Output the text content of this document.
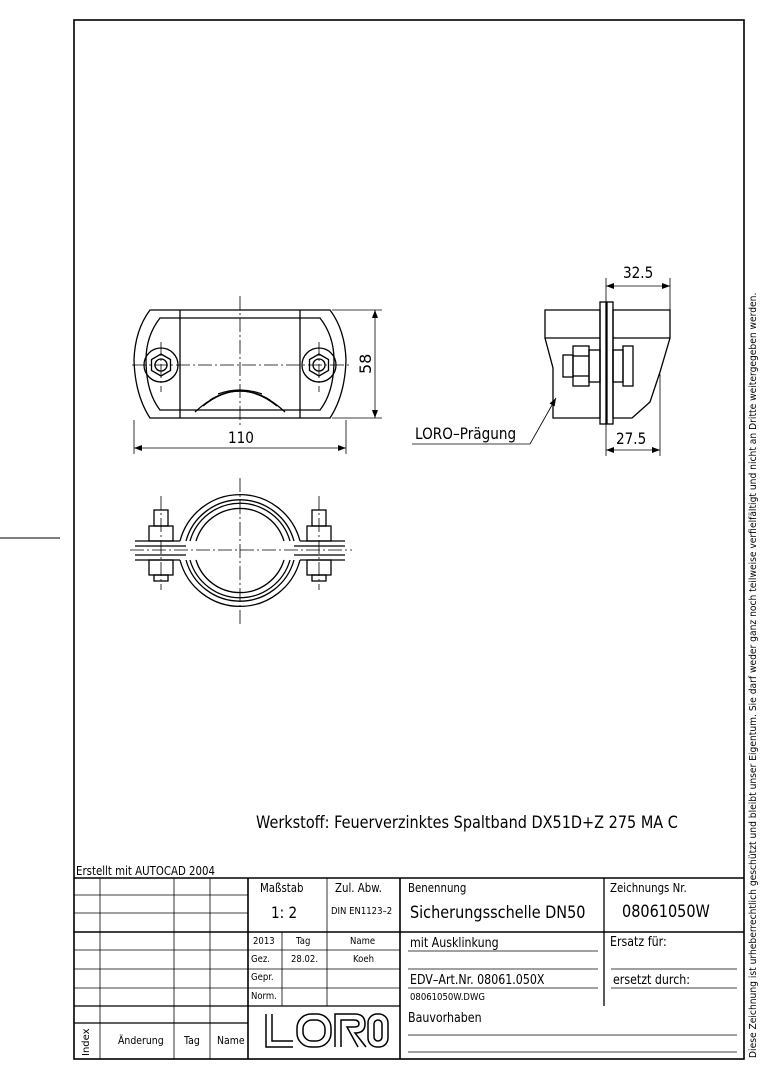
110
58
32.5
27.5
LORO–Prägung
Werkstoff: Feuerverzinktes Spaltband DX51D+Z 275 MA C
Erstellt mit AUTOCAD 2004
Maßstab
1: 2
Zul. Abw.
DIN EN1123–2
Benennung
Sicherungsschelle DN50
Zeichnungs Nr.
08061050W
2013 Tag	Name
Gez. 28.02.	Koeh
Gepr.
Norm.
mit Ausklinkung	Ersatz für:
EDV–Art.Nr. 08061.050X	ersetzt durch:
08061050W.DWG
Bauvorhaben
Index Änderung Tag Name	Diese Zeichnung ist urheberrechtlich geschützt und bleibt unser Eigentum. Sie darf weder ganz noch teilweise verfielfältigt und nicht an Dritte weitergegeben werden.
